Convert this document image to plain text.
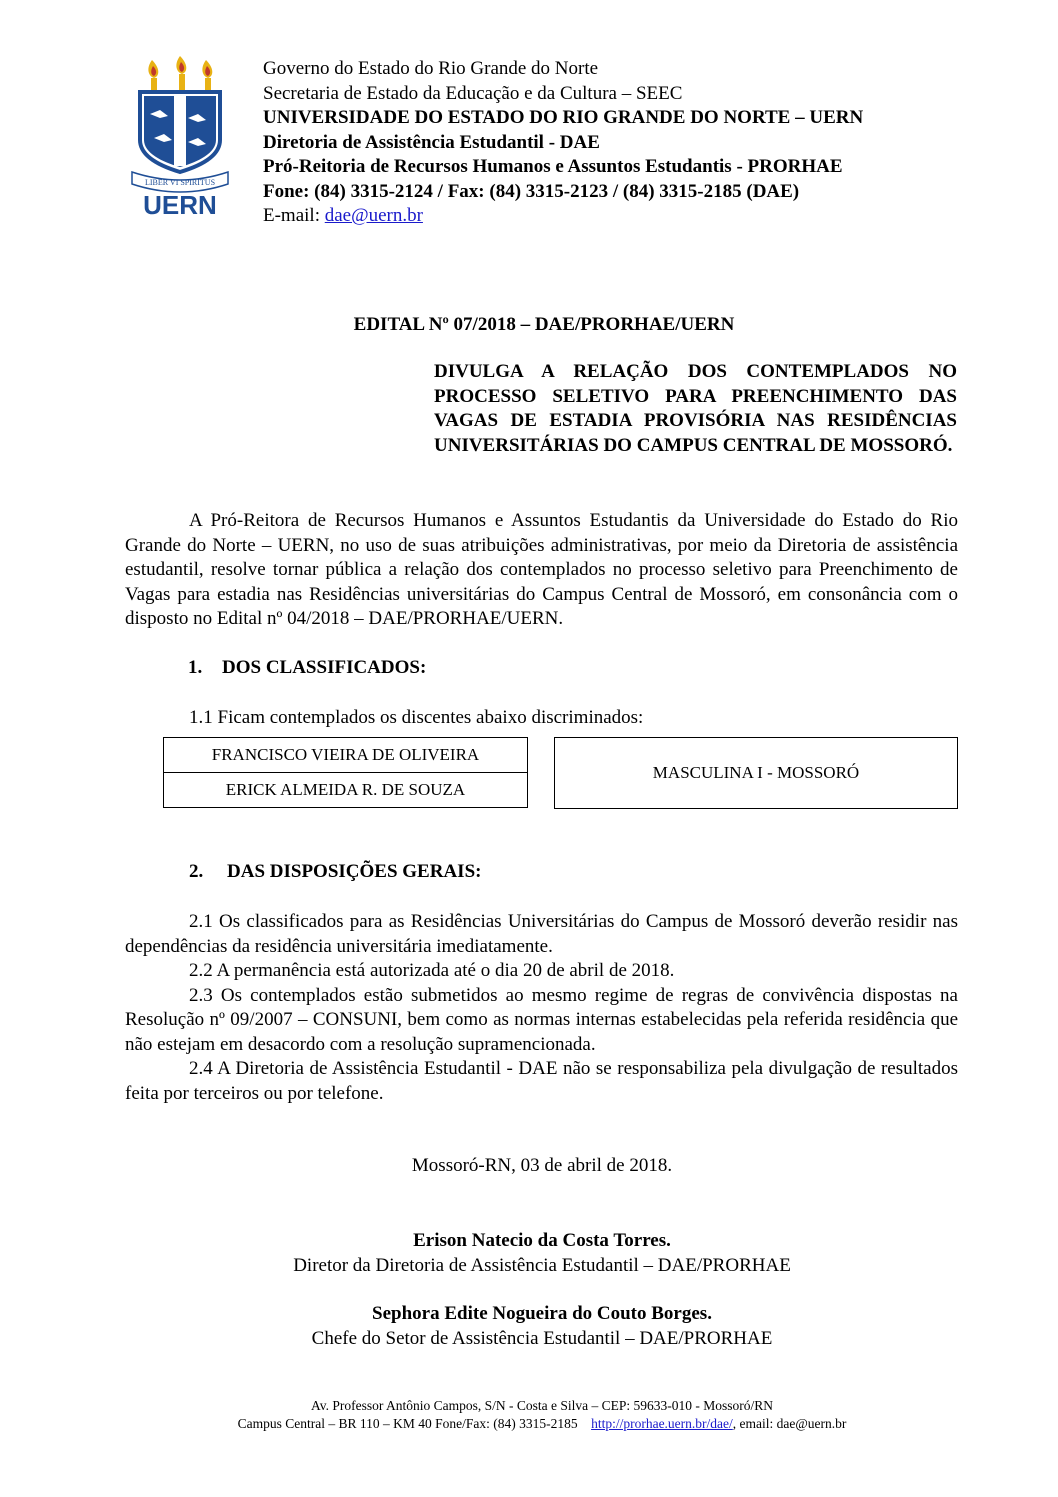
LIBER VI SPIRITUS
UERN
Governo do Estado do Rio Grande do Norte
Secretaria de Estado da Educação e da Cultura – SEEC
UNIVERSIDADE DO ESTADO DO RIO GRANDE DO NORTE – UERN
Diretoria de Assistência Estudantil - DAE
Pró-Reitoria de Recursos Humanos e Assuntos Estudantis - PRORHAE
Fone: (84) 3315-2124 / Fax: (84) 3315-2123 / (84) 3315-2185 (DAE)
E-mail: dae@uern.br
EDITAL Nº 07/2018 – DAE/PRORHAE/UERN
DIVULGA A RELAÇÃO DOS CONTEMPLADOS NO PROCESSO SELETIVO PARA PREENCHIMENTO DAS VAGAS DE ESTADIA PROVISÓRIA NAS RESIDÊNCIAS UNIVERSITÁRIAS DO CAMPUS CENTRAL DE MOSSORÓ.
A Pró-Reitora de Recursos Humanos e Assuntos Estudantis da Universidade do Estado do Rio Grande do Norte – UERN, no uso de suas atribuições administrativas, por meio da Diretoria de assistência estudantil, resolve tornar pública a relação dos contemplados no processo seletivo para Preenchimento de Vagas para estadia nas Residências universitárias do Campus Central de Mossoró, em consonância com o disposto no Edital nº 04/2018 – DAE/PRORHAE/UERN.
1. DOS CLASSIFICADOS:
1.1 Ficam contemplados os discentes abaixo discriminados:
FRANCISCO VIEIRA DE OLIVEIRA
ERICK ALMEIDA R. DE SOUZA
MASCULINA I - MOSSORÓ
2. DAS DISPOSIÇÕES GERAIS:

2.1 Os classificados para as Residências Universitárias do Campus de Mossoró deverão residir nas dependências da residência universitária imediatamente.

2.2 A permanência está autorizada até o dia 20 de abril de 2018.

2.3 Os contemplados estão submetidos ao mesmo regime de regras de convivência dispostas na Resolução nº 09/2007 – CONSUNI, bem como as normas internas estabelecidas pela referida residência que não estejam em desacordo com a resolução supramencionada.

2.4 A Diretoria de Assistência Estudantil - DAE não se responsabiliza pela divulgação de resultados feita por terceiros ou por telefone.

Mossoró-RN, 03 de abril de 2018.
Erison Natecio da Costa Torres.
Diretor da Diretoria de Assistência Estudantil – DAE/PRORHAE
Sephora Edite Nogueira do Couto Borges.
Chefe do Setor de Assistência Estudantil – DAE/PRORHAE
Av. Professor Antônio Campos, S/N - Costa e Silva – CEP: 59633-010 - Mossoró/RN
Campus Central – BR 110 – KM 40 Fone/Fax: (84) 3315-2185    http://prorhae.uern.br/dae/, email: dae@uern.br
